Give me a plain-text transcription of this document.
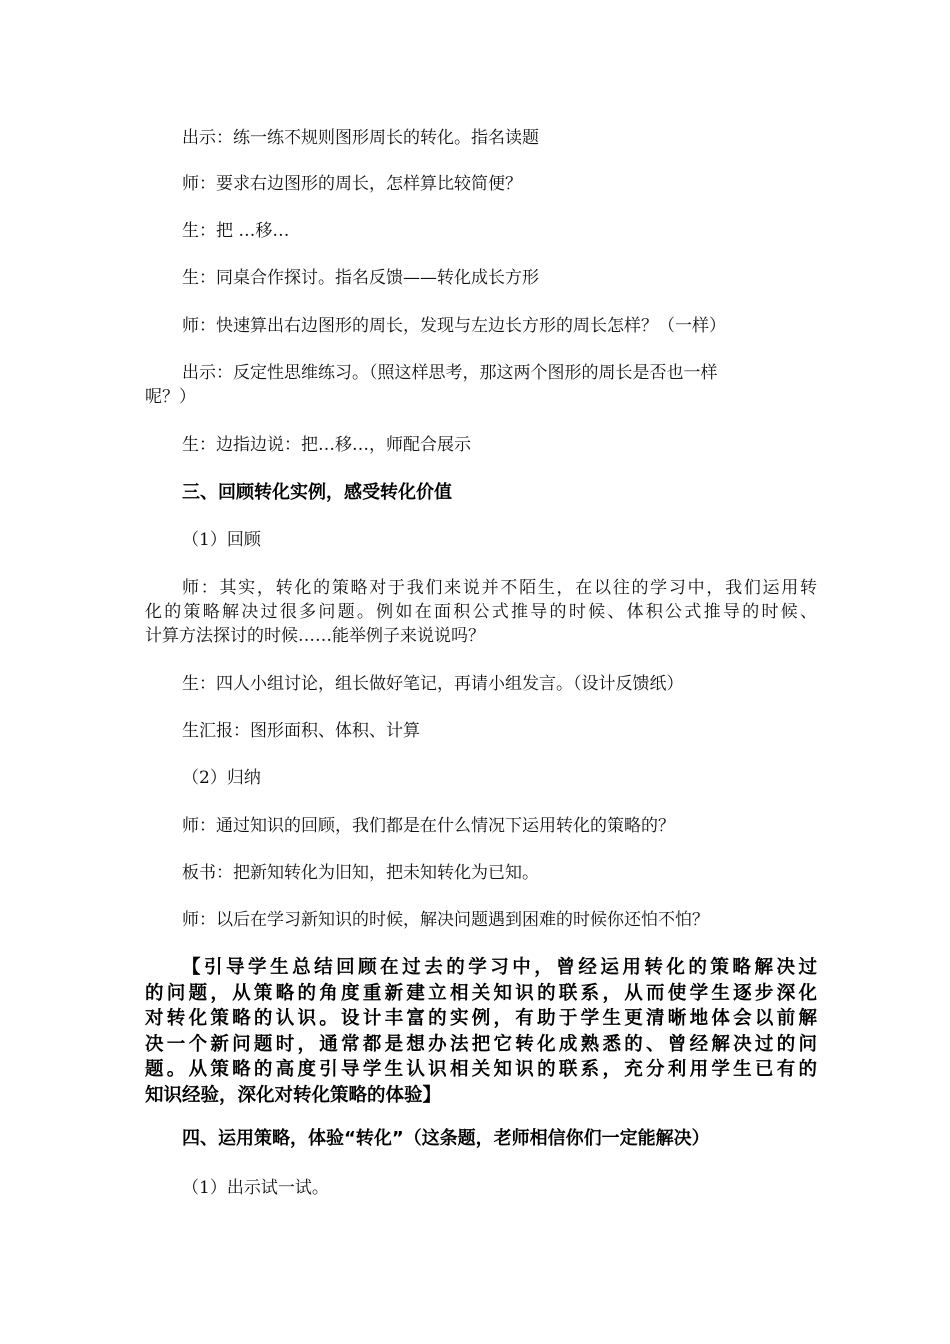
出示：练一练不规则图形周长的转化。指名读题
师：要求右边图形的周长，怎样算比较简便？
生：把 …移…
生：同桌合作探讨。指名反馈——转化成长方形
师：快速算出右边图形的周长，发现与左边长方形的周长怎样？（一样）
出示：反定性思维练习。（照这样思考，那这两个图形的周长是否也一样
呢？）
生：边指边说：把…移…，师配合展示
三、回顾转化实例，感受转化价值
（1）回顾
师：其实，转化的策略对于我们来说并不陌生，在以往的学习中，我们运用转
化的策略解决过很多问题。例如在面积公式推导的时候、体积公式推导的时候、
计算方法探讨的时候……能举例子来说说吗？
生：四人小组讨论，组长做好笔记，再请小组发言。（设计反馈纸）
生汇报：图形面积、体积、计算
（2）归纳
师：通过知识的回顾，我们都是在什么情况下运用转化的策略的？
板书：把新知转化为旧知，把未知转化为已知。
师：以后在学习新知识的时候，解决问题遇到困难的时候你还怕不怕？
【引导学生总结回顾在过去的学习中，曾经运用转化的策略解决过
的问题，从策略的角度重新建立相关知识的联系，从而使学生逐步深化
对转化策略的认识。设计丰富的实例，有助于学生更清晰地体会以前解
决一个新问题时，通常都是想办法把它转化成熟悉的、曾经解决过的问
题。从策略的高度引导学生认识相关知识的联系，充分利用学生已有的
知识经验，深化对转化策略的体验】
四、运用策略，体验“转化”（这条题，老师相信你们一定能解决）
（1）出示试一试。
